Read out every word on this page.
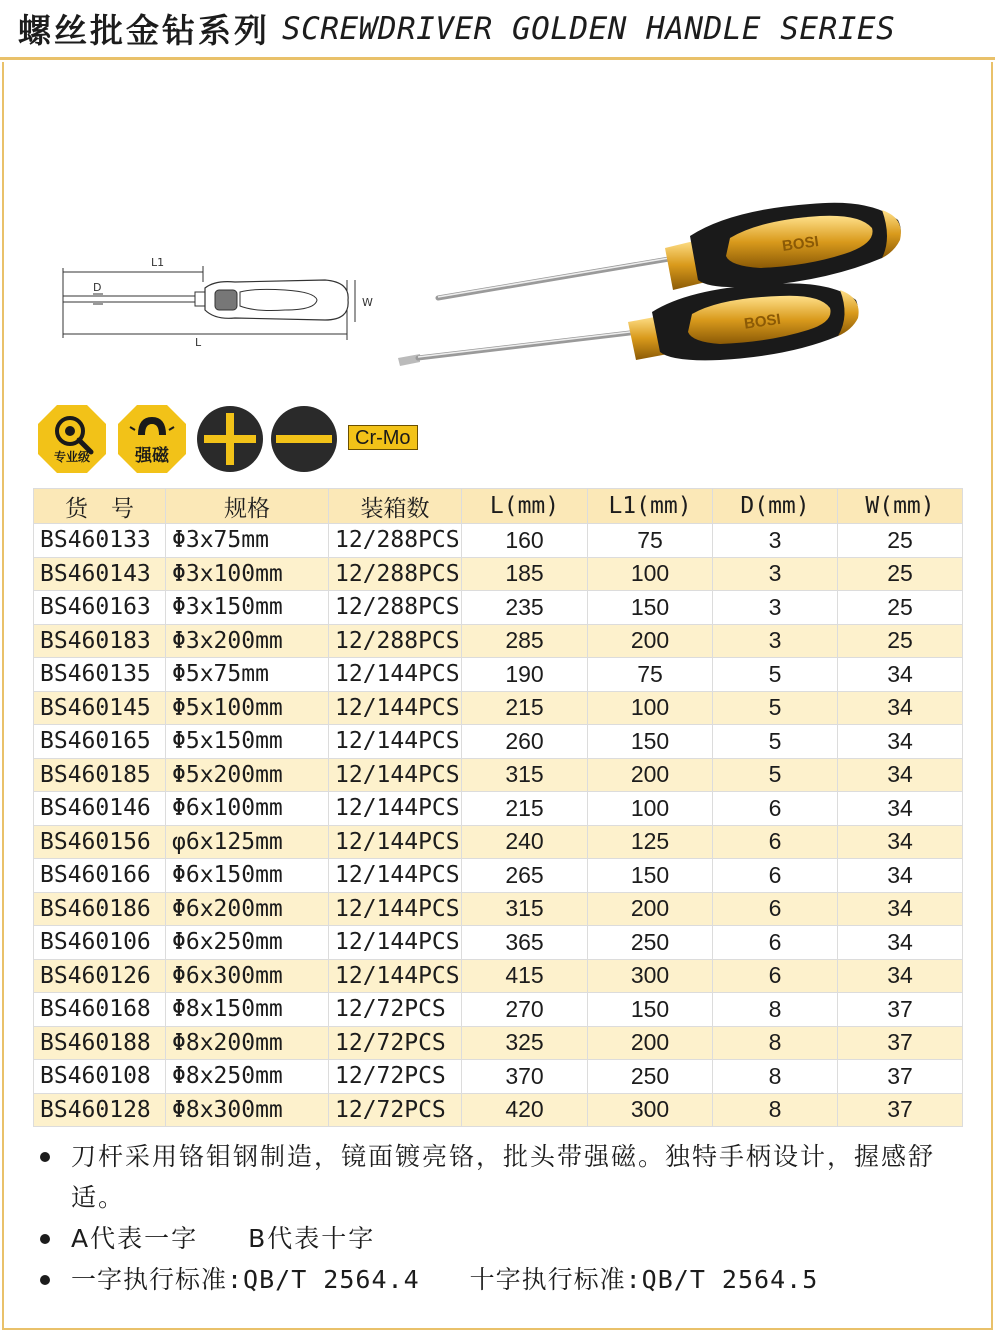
螺丝批金钻系列 SCREWDRIVER GOLDEN HANDLE SERIES
L1
D
L
W
BOSI
BOSI
专业级	强磁
Cr-Mo
货　号	规格	装箱数	L(mm)	L1(mm)	D(mm)	W(mm)
BS460133	Φ3x75mm	12/288PCS	160	75	3	25
BS460143	Φ3x100mm	12/288PCS	185	100	3	25
BS460163	Φ3x150mm	12/288PCS	235	150	3	25
BS460183	Φ3x200mm	12/288PCS	285	200	3	25
BS460135	Φ5x75mm	12/144PCS	190	75	5	34
BS460145	Φ5x100mm	12/144PCS	215	100	5	34
BS460165	Φ5x150mm	12/144PCS	260	150	5	34
BS460185	Φ5x200mm	12/144PCS	315	200	5	34
BS460146	Φ6x100mm	12/144PCS	215	100	6	34
BS460156	φ6x125mm	12/144PCS	240	125	6	34
BS460166	Φ6x150mm	12/144PCS	265	150	6	34
BS460186	Φ6x200mm	12/144PCS	315	200	6	34
BS460106	Φ6x250mm	12/144PCS	365	250	6	34
BS460126	Φ6x300mm	12/144PCS	415	300	6	34
BS460168	Φ8x150mm	12/72PCS	270	150	8	37
BS460188	Φ8x200mm	12/72PCS	325	200	8	37
BS460108	Φ8x250mm	12/72PCS	370	250	8	37
BS460128	Φ8x300mm	12/72PCS	420	300	8	37
刀杆采用铬钼钢制造，镜面镀亮铬，批头带强磁。独特手柄设计，握感舒适。
A代表一字 B代表十字
一字执行标准:QB/T 2564.4 十字执行标准:QB/T 2564.5
